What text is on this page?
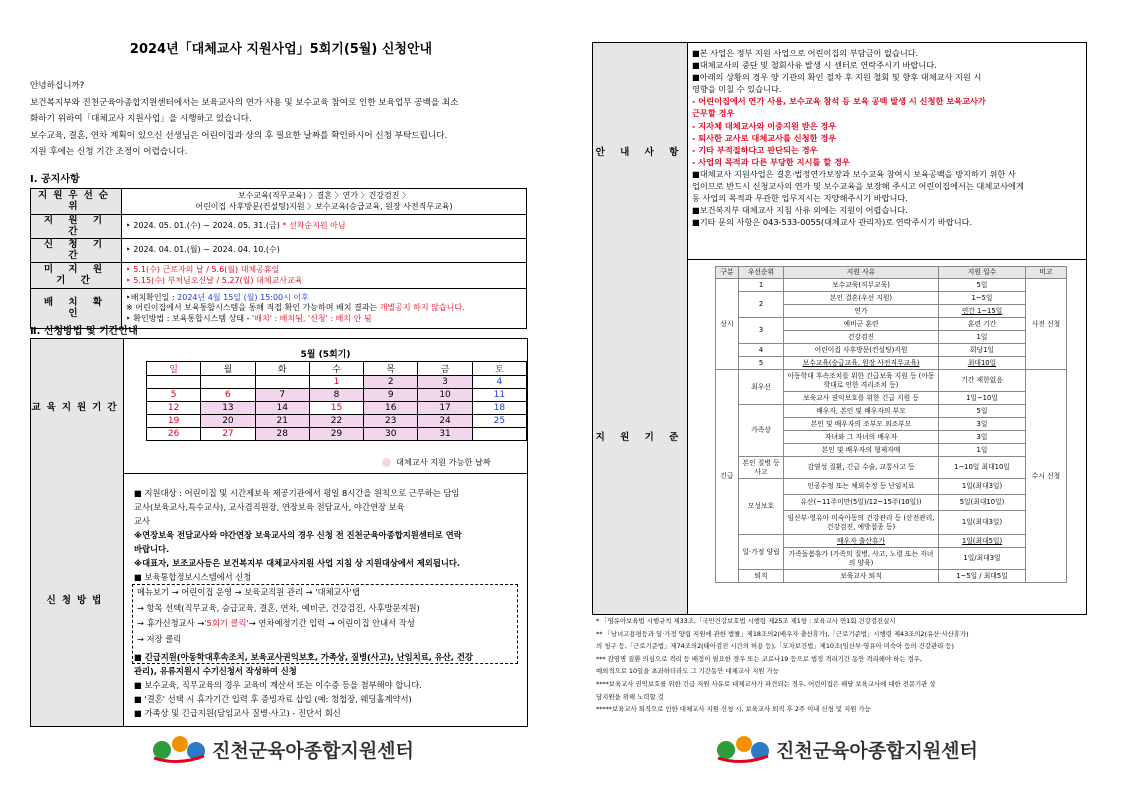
2024년「대체교사 지원사업」5회기(5월) 신청안내

안녕하십니까?

보건복지부와 진천군육아종합지원센터에서는 보육교사의 연가 사용 및 보수교육 참여로 인한 보육업무 공백을 최소

화하기 위하여「대체교사 지원사업」을 시행하고 있습니다.

보수교육, 결혼, 연차 계획이 있으신 선생님은 어린이집과 상의 후 필요한 날짜를 확인하시어 신청 부탁드립니다.

지원 후에는 신청 기간 조정이 어렵습니다.

Ⅰ. 공지사항
지원우선순위	보수교육(직무교육) 〉결혼 〉연가 〉건강검진 〉
어린이집 사후방문(컨설팅)지원 〉보수교육(승급교육, 원장 사전직무교육)

지 원 기 간	‣ 2024. 05. 01.(수) ~ 2024. 05. 31.(금) * 선착순지원 아님
신 청 기 간	‣ 2024. 04. 01.(월) ~ 2024. 04. 10.(수)
미 지 원 기 간	‣ 5.1(수) 근로자의 날 / 5.6(월) 대체공휴일
‣ 5.15(수) 부처님오신날 / 5.27(월) 대체교사교육

배 치 확 인	‣배치확인일 : 2024년 4월 15일 (월) 15:00시 이후
※ 어린이집에서 보육통합시스템을 통해 직접 확인 가능하며 배치 결과는 개별공지 하지 않습니다.
‣ 확인방법 : 보육통합시스템 상태 - '배치' : 배치됨, '신청' : 배치 안 됨
Ⅱ. 신청방법 및 기간안내
교육지원기간
5월 (5회기)
일	월	화	수	목	금	토
			1	2	3	4
5	6	7	8	9	10	11
12	13	14	15	16	17	18
19	20	21	22	23	24	25
26	27	28	29	30	31	
대체교사 지원 가능한 날짜
신청방법
■ 지원대상 : 어린이집 및 시간제보육 제공기관에서 평일 8시간을 원칙으로 근무하는 담임
교사(보육교사,특수교사), 교사겸직원장, 연장보육 전담교사, 야간연장 보육
교사
※연장보육 전담교사와 야간연장 보육교사의 경우 신청 전 진천군육아종합지원센터로 연락
바랍니다.
※대표자, 보조교사등은 보건복지부 대체교사지원 사업 지침 상 지원대상에서 제외됩니다.
■ 보육통합정보시스템에서 신청
메뉴보기 → 어린이집 운영 → 보육교직원 관리 → '대체교사'탭
→ 항목 선택(직무교육, 승급교육, 결혼, 연차, 예비군, 건강검진, 사후방문지원)
→ 휴가신청교사 →'5회기 클릭'→ 연차예정기간 입력 → 어린이집 안내서 작성
→ 저장 클릭
■ 긴급지원(아동학대후속조치, 보육교사권익보호, 가족상, 질병(사고), 난임치료, 유산, 건강
관리), 유류지원시 수기신청서 작성하여 신청
■ 보수교육, 직무교육의 경우 교육비 계산서 또는 이수증 등을 첨부해야 합니다.
■ '결혼' 선택 시 휴가기간 입력 후 증빙자료 삽입 (예: 청첩장, 웨딩홀계약서)
■ 가족상 및 긴급지원(담임교사 질병·사고) - 진단서 회신
진천군육아종합지원센터
안 내 사 항
■본 사업은 정부 지원 사업으로 어린이집의 부담금이 없습니다.
■대체교사의 중단 및 철회사유 발생 시 센터로 연락주시기 바랍니다.
■아래의 상황의 경우 양 기관의 확인 절차 후 지원 철회 및 향후 대체교사 지원 시
영향을 미칠 수 있습니다.
- 어린이집에서 연가 사용, 보수교육 참석 등 보육 공백 발생 시 신청한 보육교사가
근무할 경우
- 지자체 대체교사와 이중지원 받은 경우
- 퇴사한 교사로 대체교사를 신청한 경우
- 기타 부적절하다고 판단되는 경우
- 사업의 목적과 다른 부당한 지시를 할 경우
■대체교사 지원사업은 결혼·법정연가보장과 보수교육 참여시 보육공백을 방지하기 위한 사
업이므로 반드시 신청교사의 연가 및 보수교육을 보장해 주시고 어린이집에서는 대체교사에게
동 사업의 목적과 무관한 업무지시는 지양해주시기 바랍니다.
■보건복지부 대체교사 지침 사유 외에는 지원이 어렵습니다.
■기타 문의 사항은 043-533-0055(대체교사 관리자)로 연락주시기 바랍니다.
지 원 기 준
구분	우선순위	지원 사유	지원 일수	비고
상시	1	보수교육(직무교육)	5일	사전 신청
	2	본인 결혼(우선 지원)	1~5일	
		연가	연간 1~15일	
	3	예비군 훈련	훈련 기간	
		건강검진	1일	
	4	어린이집 사후방문(컨설팅)지원	회당1일	
	5	보수교육(승급교육, 원장 사전직무교육)	최대10일	
긴급	최우선	아동학대 후속조치를 위한 긴급보육 지원 등 (아동학대로 인한 격리조치 등)	기간 제한없음	수시 신청
		보육교사 권익보호를 위한 긴급 지원 등	1일~10일	
	가족상	배우자, 본인 및 배우자의 부모	5일	
		본인 및 배우자의 조부모 외조부모	3일	
		자녀와 그 자녀의 배우자	3일	
		본인 및 배우자의 형제자매	1일	
	본인 질병 등 사고	감염성 질환, 긴급 수술, 교통사고 등	1~10일 최대10일	
	모성보호	인공수정 또는 체외수정 등 난임치료	1일(최대3일)	
		유산(~11주미만(5일)/12~15주(10일))	5일(최대10일)	
		임산부·영유아 미숙아동의 건강관리 등 (산전관리, 건강검진, 예방접종 등)	1일(최대3일)	
	일·가정 양립	배우자 출산휴가	1일(최대5일)	
		가족돌봄휴가 (가족의 질병, 사고, 노령 또는 자녀의 양육)	1일/최대3일	
	퇴직	보육교사 퇴직	1~5일 / 최대5일	
* 「영유아보육법 시행규칙 제33조,「국민건강보호법 시행령 제25조 제1항 : 보육교사 연1회 건강검진실시
** 「남녀고용평등과 일·가정 양립 지원에 관한 법률」제18조의2(배우자 출산휴가),「근로기준법」시행령 제43조의2(유산·사산휴가)
의 청구 등,「근로기준법」제74조의2(태아검진 시간의 허용 등),「모자보건법」제10조(임산부·영유아 미숙아 등의 건강관리 등)
*** 감염병 질환 의심으로 격리 등 배정이 필요한 경우 또는 코로나19 등으로 법정 격리기간 동안 격리해야 하는 경우,
예외적으로 10일을 초과하더라도 그 기간동안 대체교사 지원 가능
****보육교사 권익보호를 위한 긴급 지원 사유로 대체교사가 파견되는 경우, 어린이집은 해당 보육교사에 대한 전문기관 상
담지원을 위해 노력할 것
*****보육교사 퇴직으로 인한 대체교사 지원 신청 시, 보육교사 퇴직 후 2주 이내 신청 및 지원 가능
진천군육아종합지원센터
